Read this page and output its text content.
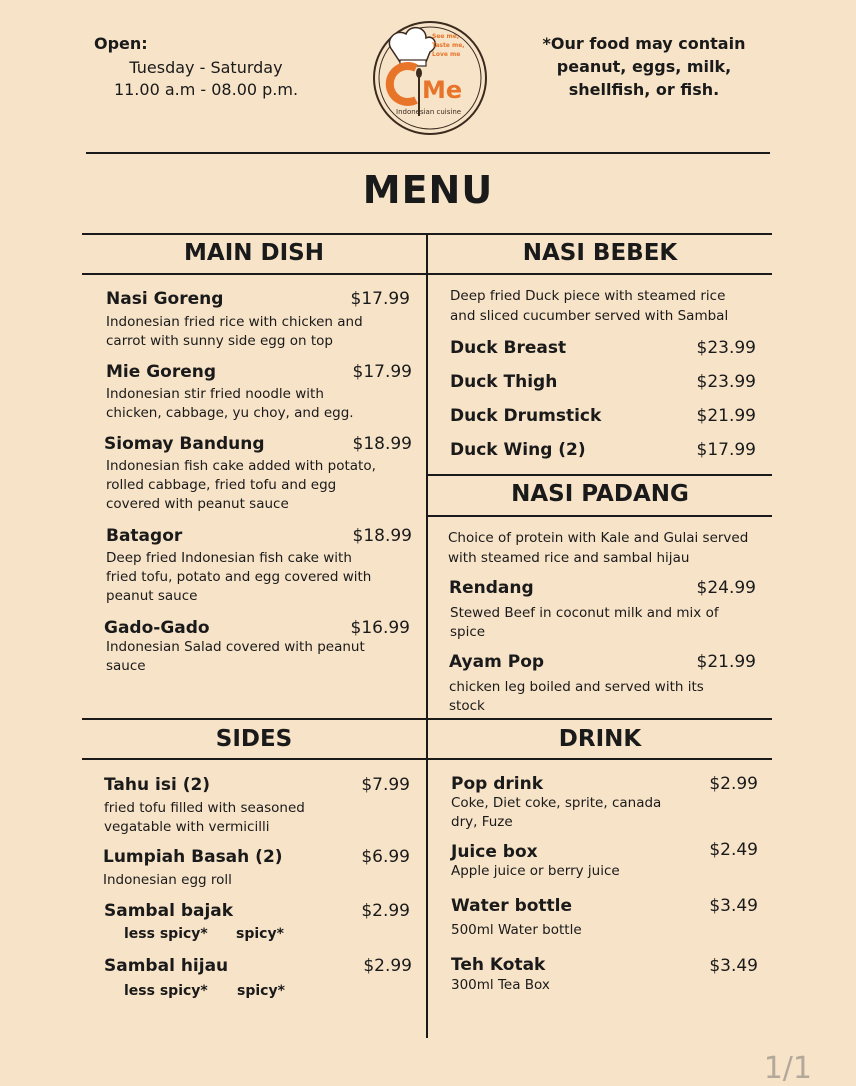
Open:
Tuesday - Saturday
11.00 a.m - 08.00 p.m.	Me
See me,
Taste me,
Love me
Indonesian cuisine
*Our food may contain peanut, eggs, milk, shellfish, or fish.
MENU
MAIN DISH	NASI BEBEK
NASI PADANG
SIDES	DRINK
Nasi Goreng	$17.99
Indonesian fried rice with chicken and
carrot with sunny side egg on top
Mie Goreng	$17.99
Indonesian stir fried noodle with
chicken, cabbage, yu choy, and egg.
Siomay Bandung	$18.99
Indonesian fish cake added with potato,
rolled cabbage, fried tofu and egg
covered with peanut sauce
Batagor	$18.99
Deep fried Indonesian fish cake with
fried tofu, potato and egg covered with
peanut sauce
Gado-Gado	$16.99
Indonesian Salad covered with peanut
sauce
Deep fried Duck piece with steamed rice
and sliced cucumber served with Sambal
Duck Breast	$23.99
Duck Thigh	$23.99
Duck Drumstick	$21.99
Duck Wing (2)	$17.99
Choice of protein with Kale and Gulai served
with steamed rice and sambal hijau
Rendang	$24.99
Stewed Beef in coconut milk and mix of
spice
Ayam Pop	$21.99
chicken leg boiled and served with its
stock
Tahu isi (2)	$7.99
fried tofu filled with seasoned
vegatable with vermicilli
Lumpiah Basah (2)	$6.99
Indonesian egg roll
Sambal bajak	$2.99
less spicy* spicy*
Sambal hijau	$2.99
less spicy* spicy*
Pop drink	$2.99
Coke, Diet coke, sprite, canada
dry, Fuze
Juice box	$2.49
Apple juice or berry juice
Water bottle	$3.49
500ml Water bottle
Teh Kotak	$3.49
300ml Tea Box
1/1
